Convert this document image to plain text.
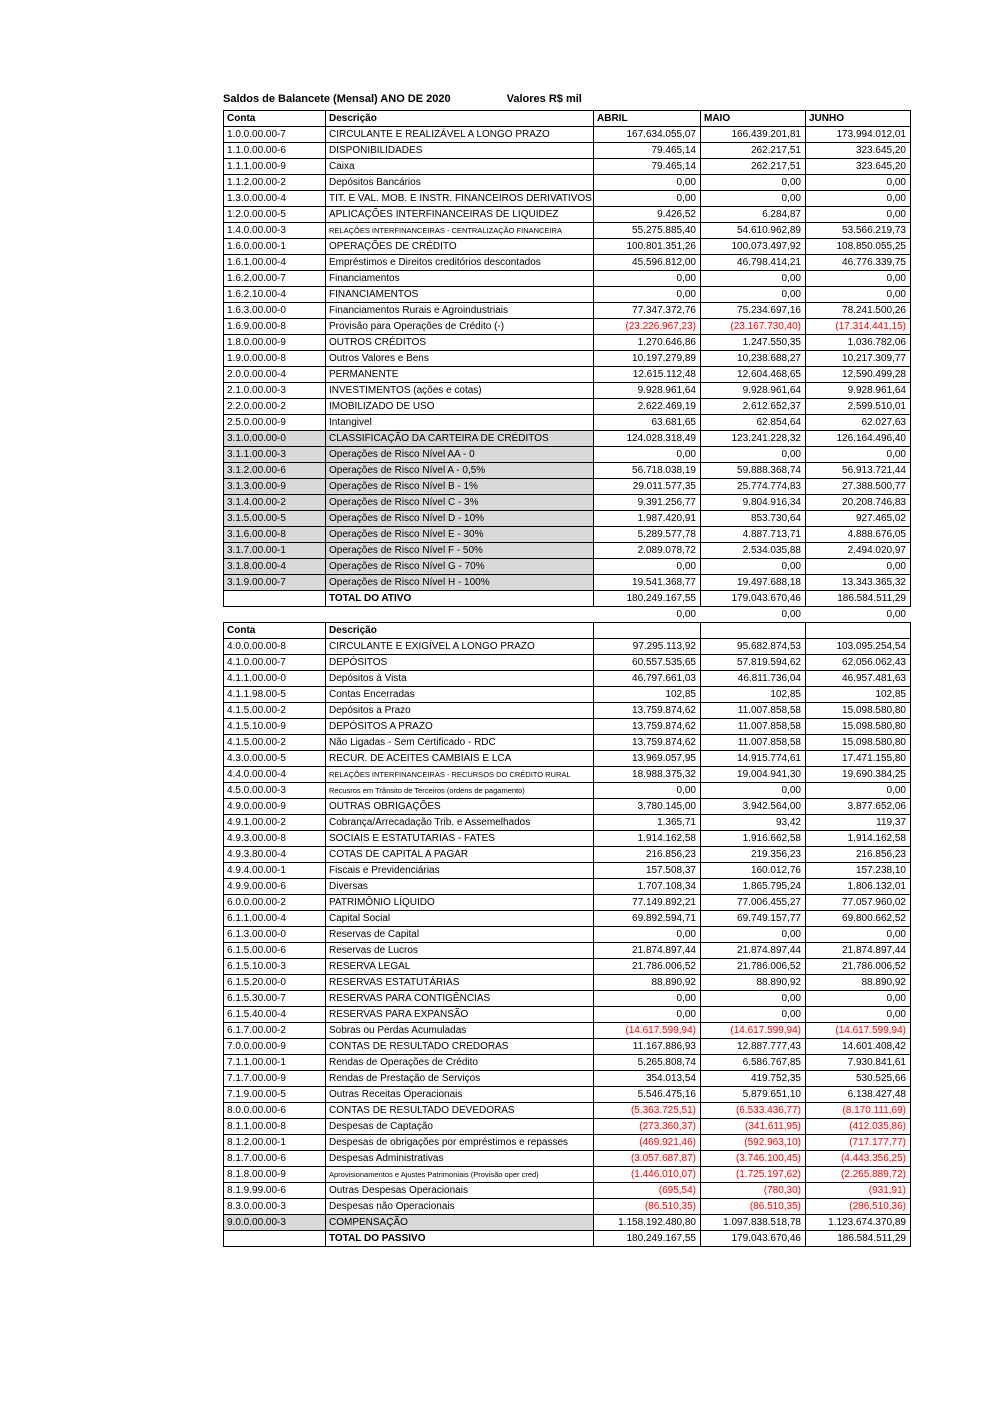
Saldos de Balancete (Mensal) ANO DE 2020	Valores R$ mil
Conta	Descrição	ABRIL	MAIO	JUNHO
1.0.0.00.00-7	CIRCULANTE E REALIZÁVEL A LONGO PRAZO	167.634.055,07	166.439.201,81	173.994.012,01
1.1.0.00.00-6	DISPONIBILIDADES	79.465,14	262.217,51	323.645,20
1.1.1.00.00-9	Caixa	79.465,14	262.217,51	323.645,20
1.1.2.00.00-2	Depósitos Bancários	0,00	0,00	0,00
1.3.0.00.00-4	TIT. E VAL. MOB. E INSTR. FINANCEIROS DERIVATIVOS	0,00	0,00	0,00
1.2.0.00.00-5	APLICAÇÕES INTERFINANCEIRAS DE LIQUIDEZ	9.426,52	6.284,87	0,00
1.4.0.00.00-3	RELAÇÕES INTERFINANCEIRAS - CENTRALIZAÇÃO FINANCEIRA	55.275.885,40	54.610.962,89	53.566.219,73
1.6.0.00.00-1	OPERAÇÕES DE CRÉDITO	100.801.351,26	100.073.497,92	108.850.055,25
1.6.1.00.00-4	Empréstimos e Direitos creditórios descontados	45.596.812,00	46.798.414,21	46.776.339,75
1.6.2.00.00-7	Financiamentos	0,00	0,00	0,00
1.6.2.10.00-4	FINANCIAMENTOS	0,00	0,00	0,00
1.6.3.00.00-0	Financiamentos Rurais e Agroindustriais	77.347.372,76	75.234.697,16	78.241.500,26
1.6.9.00.00-8	Provisão para Operações de Crédito (-)	(23.226.967,23)	(23.167.730,40)	(17.314.441,15)
1.8.0.00.00-9	OUTROS CRÉDITOS	1.270.646,86	1.247.550,35	1.036.782,06
1.9.0.00.00-8	Outros Valores e Bens	10.197.279,89	10.238.688,27	10.217.309,77
2.0.0.00.00-4	PERMANENTE	12.615.112,48	12.604.468,65	12.590.499,28
2.1.0.00.00-3	INVESTIMENTOS (ações e cotas)	9.928.961,64	9.928.961,64	9.928.961,64
2.2.0.00.00-2	IMOBILIZADO DE USO	2.622.469,19	2.612.652,37	2.599.510,01
2.5.0.00.00-9	Intangivel	63.681,65	62.854,64	62.027,63
3.1.0.00.00-0	CLASSIFICAÇÃO DA CARTEIRA DE CRÉDITOS	124.028.318,49	123.241.228,32	126.164.496,40
3.1.1.00.00-3	Operações de Risco Nível AA - 0	0,00	0,00	0,00
3.1.2.00.00-6	Operações de Risco Nível A - 0,5%	56.718.038,19	59.888.368,74	56.913.721,44
3.1.3.00.00-9	Operações de Risco Nível B - 1%	29.011.577,35	25.774.774,83	27.388.500,77
3.1.4.00.00-2	Operações de Risco Nível C - 3%	9.391.256,77	9.804.916,34	20.208.746,83
3.1.5.00.00-5	Operações de Risco Nível D - 10%	1.987.420,91	853.730,64	927.465,02
3.1.6.00.00-8	Operações de Risco Nível E - 30%	5.289.577,78	4.887.713,71	4.888.676,05
3.1.7.00.00-1	Operações de Risco Nível F - 50%	2.089.078,72	2.534.035,88	2.494.020,97
3.1.8.00.00-4	Operações de Risco Nível G - 70%	0,00	0,00	0,00
3.1.9.00.00-7	Operações de Risco Nível H - 100%	19.541.368,77	19.497.688,18	13.343.365,32
	TOTAL DO ATIVO	180.249.167,55	179.043.670,46	186.584.511,29
		0,00	0,00	0,00
Conta	Descrição			
4.0.0.00.00-8	CIRCULANTE E EXIGÍVEL A LONGO PRAZO	97.295.113,92	95.682.874,53	103.095.254,54
4.1.0.00.00-7	DEPÓSITOS	60.557.535,65	57.819.594,62	62.056.062,43
4.1.1.00.00-0	Depósitos à Vista	46.797.661,03	46.811.736,04	46.957.481,63
4.1.1.98.00-5	Contas Encerradas	102,85	102,85	102,85
4.1.5.00.00-2	Depósitos a Prazo	13.759.874,62	11.007.858,58	15.098.580,80
4.1.5.10.00-9	DEPÓSITOS A PRAZO	13.759.874,62	11.007.858,58	15.098.580,80
4.1.5.00.00-2	Não Ligadas - Sem Certificado - RDC	13.759.874,62	11.007.858,58	15.098.580,80
4.3.0.00.00-5	RECUR. DE ACEITES CAMBIAIS E LCA	13.969.057,95	14.915.774,61	17.471.155,80
4.4.0.00.00-4	RELAÇÕES INTERFINANCEIRAS - RECURSOS DO CRÉDITO RURAL	18.988.375,32	19.004.941,30	19.690.384,25
4.5.0.00.00-3	Recusros em Trânsito de Terceiros (ordens de pagamento)	0,00	0,00	0,00
4.9.0.00.00-9	OUTRAS OBRIGAÇÕES	3.780.145,00	3.942.564,00	3.877.652,06
4.9.1.00.00-2	Cobrança/Arrecadação Trib. e Assemelhados	1.365,71	93,42	119,37
4.9.3.00.00-8	SOCIAIS E ESTATUTARIAS - FATES	1.914.162,58	1.916.662,58	1.914.162,58
4.9.3.80.00-4	COTAS DE CAPITAL A PAGAR	216.856,23	219.356,23	216.856,23
4.9.4.00.00-1	Fiscais e Previdenciárias	157.508,37	160.012,76	157.238,10
4.9.9.00.00-6	Diversas	1.707.108,34	1.865.795,24	1.806.132,01
6.0.0.00.00-2	PATRIMÔNIO LÍQUIDO	77.149.892,21	77.006.455,27	77.057.960,02
6.1.1.00.00-4	Capital Social	69.892.594,71	69.749.157,77	69.800.662,52
6.1.3.00.00-0	Reservas de Capital	0,00	0,00	0,00
6.1.5.00.00-6	Reservas de Lucros	21.874.897,44	21.874.897,44	21.874.897,44
6.1.5.10.00-3	RESERVA LEGAL	21.786.006,52	21.786.006,52	21.786.006,52
6.1.5.20.00-0	RESERVAS ESTATUTÁRIAS	88.890,92	88.890,92	88.890,92
6.1.5.30.00-7	RESERVAS PARA CONTIGÊNCIAS	0,00	0,00	0,00
6.1.5.40.00-4	RESERVAS PARA EXPANSÃO	0,00	0,00	0,00
6.1.7.00.00-2	Sobras ou Perdas Acumuladas	(14.617.599,94)	(14.617.599,94)	(14.617.599,94)
7.0.0.00.00-9	CONTAS DE RESULTADO CREDORAS	11.167.886,93	12.887.777,43	14.601.408,42
7.1.1.00.00-1	Rendas de Operações de Crédito	5.265.808,74	6.586.767,85	7.930.841,61
7.1.7.00.00-9	Rendas de Prestação de Serviços	354.013,54	419.752,35	530.525,66
7.1.9.00.00-5	Outras Receitas Operacionais	5.546.475,16	5.879.651,10	6.138.427,48
8.0.0.00.00-6	CONTAS DE RESULTADO DEVEDORAS	(5.363.725,51)	(6.533.436,77)	(8.170.111,69)
8.1.1.00.00-8	Despesas de Captação	(273.360,37)	(341.611,95)	(412.035,86)
8.1.2.00.00-1	Despesas de obrigações por empréstimos e repasses	(469.921,46)	(592.963,10)	(717.177,77)
8.1.7.00.00-6	Despesas Administrativas	(3.057.687,87)	(3.746.100,45)	(4.443.356,25)
8.1.8.00.00-9	Aprovisionamentos e Ajustes Patrimoniais (Provisão oper cred)	(1.446.010,07)	(1.725.197,62)	(2.265.889,72)
8.1.9.99.00-6	Outras Despesas Operacionais	(695,54)	(780,30)	(931,91)
8.3.0.00.00-3	Despesas não Operacionais	(86.510,35)	(86.510,35)	(286.510,36)
9.0.0.00.00-3	COMPENSAÇÃO	1.158.192.480,80	1.097.838.518,78	1.123.674.370,89
	TOTAL DO PASSIVO	180.249.167,55	179.043.670,46	186.584.511,29
